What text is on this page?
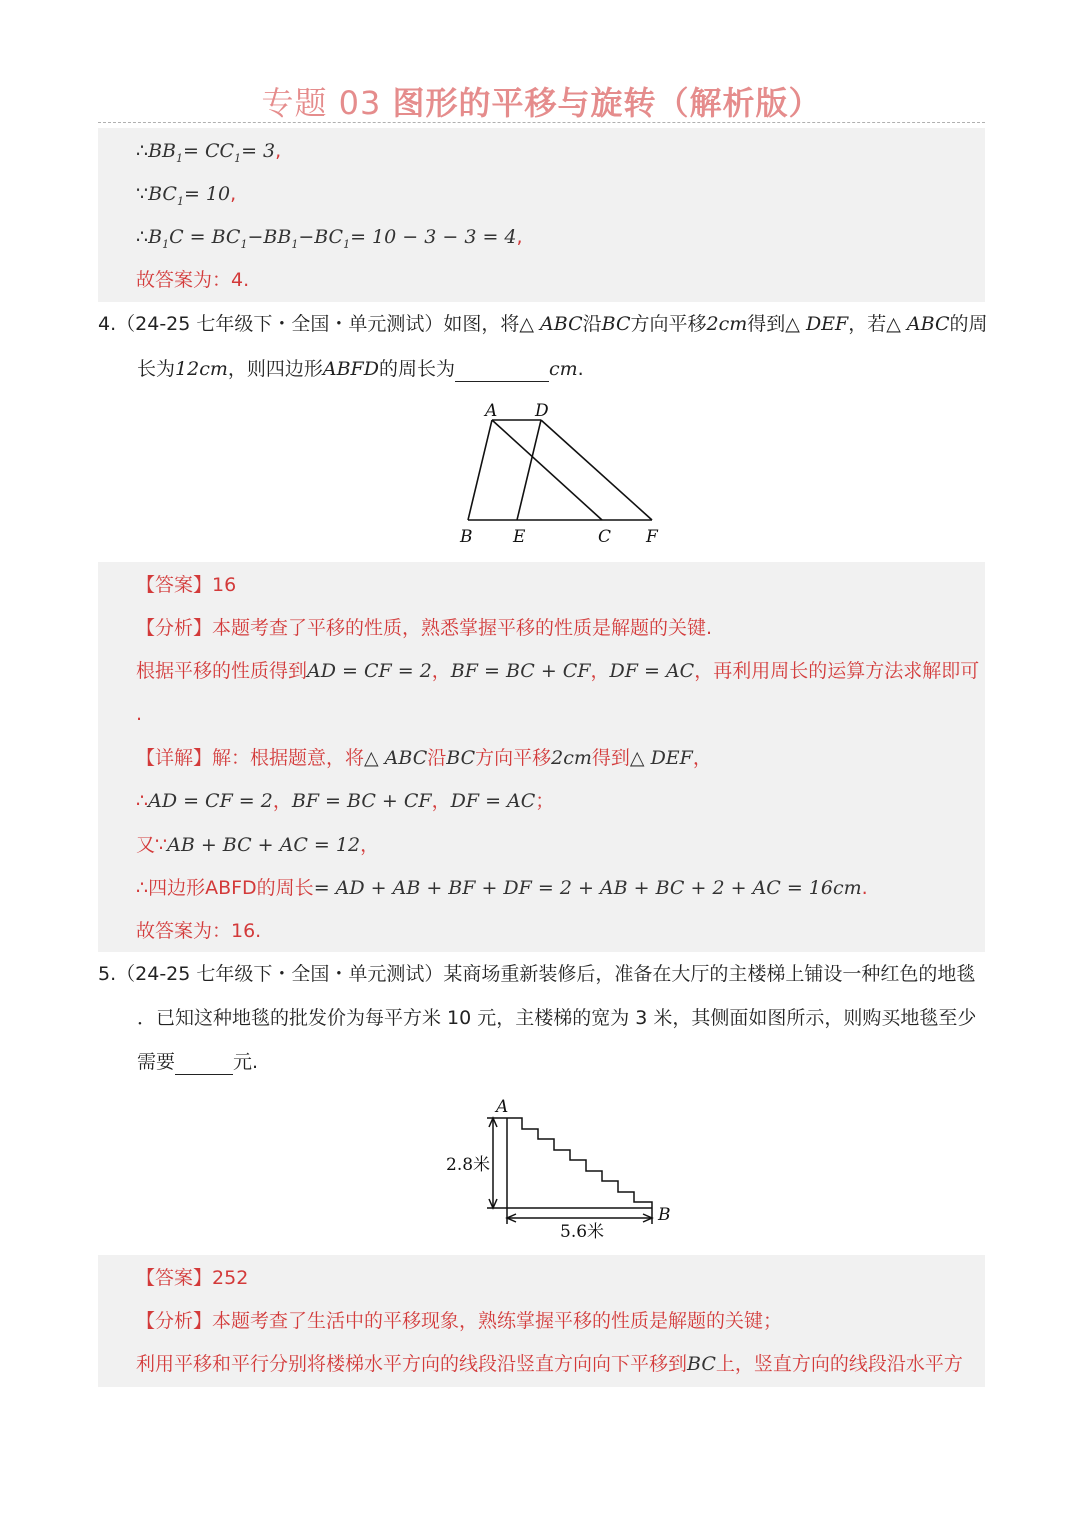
专题 03 图形的平移与旋转（解析版）
$\therefore BB_1= CC_1= 3$,
$\because BC_1= 10$,
$\therefore B_1C = BC_1-BB_1-BC_1= 10 - 3 - 3 = 4$,
故答案为：4.
4.（24-25 七年级下・全国・单元测试）如图，将△ ABC沿BC方向平移2cm得到△ DEF，若△ ABC的周
长为12cm，则四边形ABFD的周长为	cm.
A D
B E	C F
【答案】16
【分析】本题考查了平移的性质，熟悉掌握平移的性质是解题的关键.
根据平移的性质得到AD = CF = 2，BF = BC + CF，DF = AC，再利用周长的运算方法求解即可
.
【详解】解：根据题意，将△ ABC沿BC方向平移2cm得到△ DEF，
∴AD = CF = 2，BF = BC + CF，DF = AC；
又∵AB + BC + AC = 12，
∴四边形ABFD的周长= AD + AB + BF + DF = 2 + AB + BC + 2 + AC = 16cm.
故答案为：16.
5.（24-25 七年级下・全国・单元测试）某商场重新装修后，准备在大厅的主楼梯上铺设一种红色的地毯
．已知这种地毯的批发价为每平方米 10 元，主楼梯的宽为 3 米，其侧面如图所示，则购买地毯至少
需要	元.
A
B
2.8米
5.6米
【答案】252
【分析】本题考查了生活中的平移现象，熟练掌握平移的性质是解题的关键；
利用平移和平行分别将楼梯水平方向的线段沿竖直方向向下平移到BC上，竖直方向的线段沿水平方
